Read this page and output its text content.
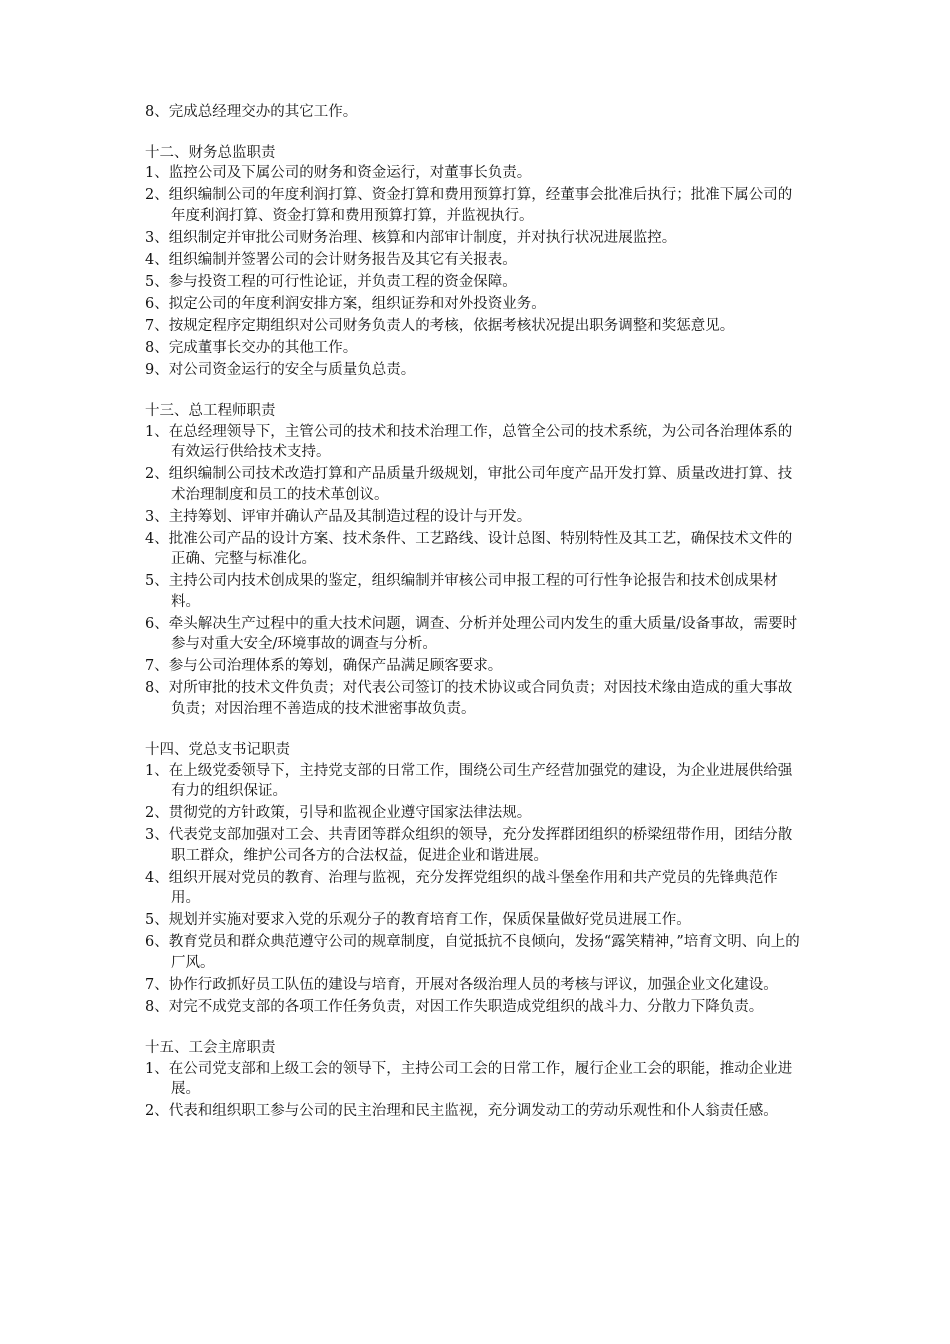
8、完成总经理交办的其它工作。

十二、财务总监职责

1、监控公司及下属公司的财务和资金运行，对董事长负责。

2、组织编制公司的年度利润打算、资金打算和费用预算打算，经董事会批准后执行；批准下属公司的年度利润打算、资金打算和费用预算打算，并监视执行。

3、组织制定并审批公司财务治理、核算和内部审计制度，并对执行状况进展监控。

4、组织编制并签署公司的会计财务报告及其它有关报表。

5、参与投资工程的可行性论证，并负责工程的资金保障。

6、拟定公司的年度利润安排方案，组织证券和对外投资业务。

7、按规定程序定期组织对公司财务负责人的考核，依据考核状况提出职务调整和奖惩意见。

8、完成董事长交办的其他工作。

9、对公司资金运行的安全与质量负总责。

十三、总工程师职责

1、在总经理领导下，主管公司的技术和技术治理工作，总管全公司的技术系统，为公司各治理体系的有效运行供给技术支持。

2、组织编制公司技术改造打算和产品质量升级规划，审批公司年度产品开发打算、质量改进打算、技术治理制度和员工的技术革创议。

3、主持筹划、评审并确认产品及其制造过程的设计与开发。

4、批准公司产品的设计方案、技术条件、工艺路线、设计总图、特别特性及其工艺，确保技术文件的正确、完整与标准化。

5、主持公司内技术创成果的鉴定，组织编制并审核公司申报工程的可行性争论报告和技术创成果材料。

6、牵头解决生产过程中的重大技术问题，调查、分析并处理公司内发生的重大质量/设备事故，需要时参与对重大安全/环境事故的调查与分析。

7、参与公司治理体系的筹划，确保产品满足顾客要求。

8、对所审批的技术文件负责；对代表公司签订的技术协议或合同负责；对因技术缘由造成的重大事故负责；对因治理不善造成的技术泄密事故负责。

十四、党总支书记职责

1、在上级党委领导下，主持党支部的日常工作，围绕公司生产经营加强党的建设，为企业进展供给强有力的组织保证。

2、贯彻党的方针政策，引导和监视企业遵守国家法律法规。

3、代表党支部加强对工会、共青团等群众组织的领导，充分发挥群团组织的桥梁纽带作用，团结分散职工群众，维护公司各方的合法权益，促进企业和谐进展。

4、组织开展对党员的教育、治理与监视，充分发挥党组织的战斗堡垒作用和共产党员的先锋典范作用。

5、规划并实施对要求入党的乐观分子的教育培育工作，保质保量做好党员进展工作。

6、教育党员和群众典范遵守公司的规章制度，自觉抵抗不良倾向，发扬“露笑精神，”培育文明、向上的厂风。

7、协作行政抓好员工队伍的建设与培育，开展对各级治理人员的考核与评议，加强企业文化建设。

8、对完不成党支部的各项工作任务负责，对因工作失职造成党组织的战斗力、分散力下降负责。

十五、工会主席职责

1、在公司党支部和上级工会的领导下，主持公司工会的日常工作，履行企业工会的职能，推动企业进展。

2、代表和组织职工参与公司的民主治理和民主监视，充分调发动工的劳动乐观性和仆人翁责任感。
